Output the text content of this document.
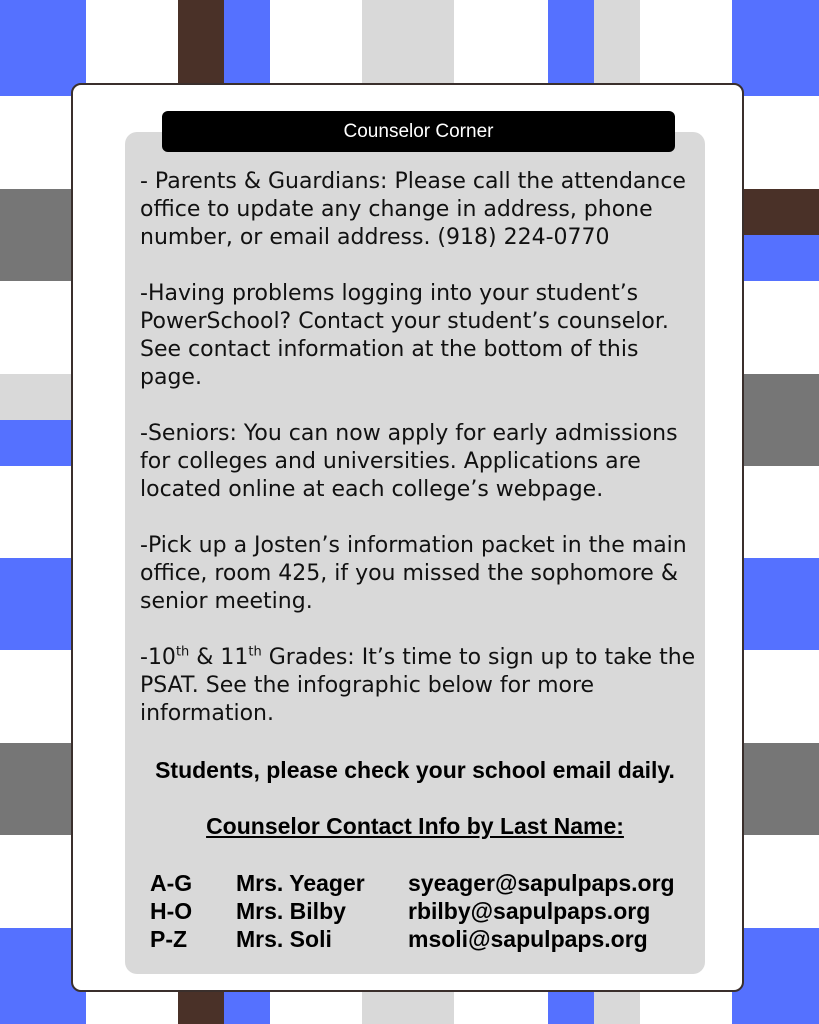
Counselor Corner

- Parents & Guardians: Please call the attendance office to update any change in address, phone number, or email address. (918) 224-0770

-Having problems logging into your student’s PowerSchool? Contact your student’s counselor. See contact information at the bottom of this page.

-Seniors: You can now apply for early admissions for colleges and universities. Applications are located online at each college’s webpage.

-Pick up a Josten’s information packet in the main office, room 425, if you missed the sophomore & senior meeting.

-10th & 11th Grades: It’s time to sign up to take the PSAT. See the infographic below for more information.

Students, please check your school email daily.
Counselor Contact Info by Last Name:
A-G Mrs. Yeager syeager@sapulpaps.org
H-O Mrs. Bilby	rbilby@sapulpaps.org
P-Z Mrs. Soli	msoli@sapulpaps.org
